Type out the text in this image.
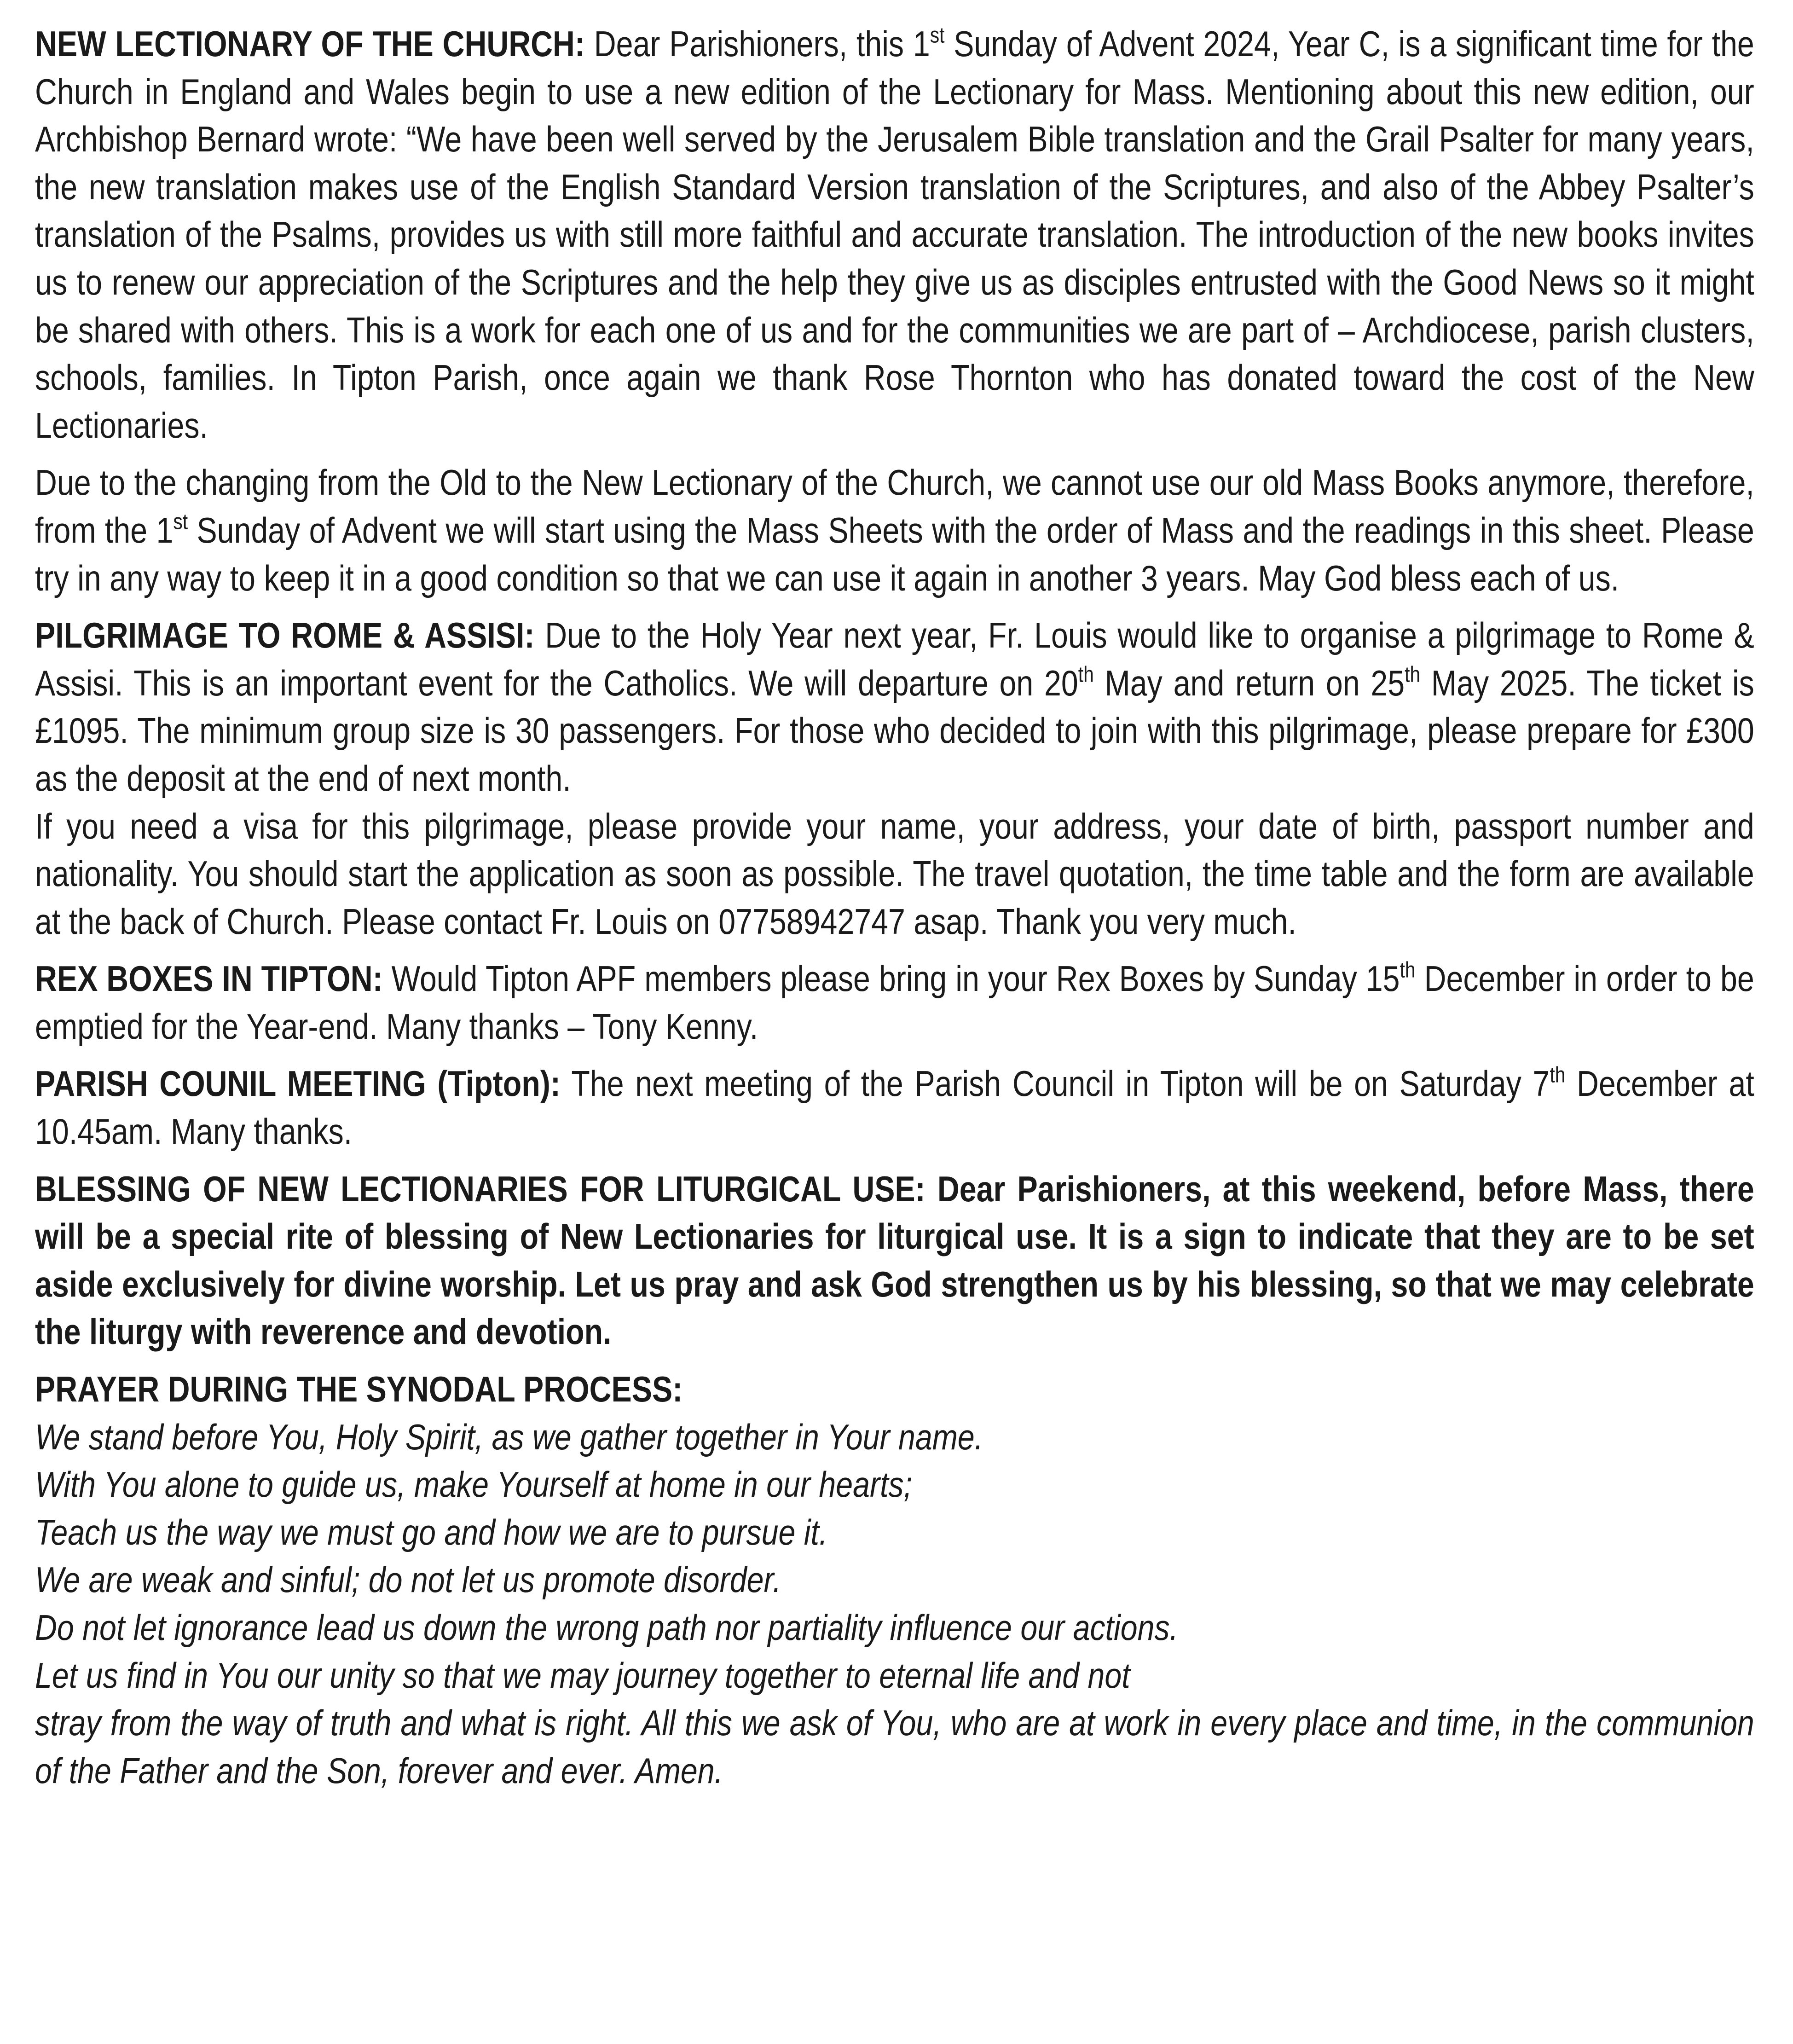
NEW LECTIONARY OF THE CHURCH: Dear Parishioners, this 1st Sunday of Advent 2024, Year C, is a significant time for the Church in England and Wales begin to use a new edition of the Lectionary for Mass. Mentioning about this new edition, our Archbishop Bernard wrote: “We have been well served by the Jerusalem Bible translation and the Grail Psalter for many years, the new translation makes use of the English Standard Version translation of the Scriptures, and also of the Abbey Psalter’s translation of the Psalms, provides us with still more faithful and accurate translation. The introduction of the new books invites us to renew our appreciation of the Scriptures and the help they give us as disciples entrusted with the Good News so it might be shared with others. This is a work for each one of us and for the communities we are part of – Archdiocese, parish clusters, schools, families. In Tipton Parish, once again we thank Rose Thornton who has donated toward the cost of the New Lectionaries.

Due to the changing from the Old to the New Lectionary of the Church, we cannot use our old Mass Books anymore, therefore, from the 1st Sunday of Advent we will start using the Mass Sheets with the order of Mass and the readings in this sheet. Please try in any way to keep it in a good condition so that we can use it again in another 3 years. May God bless each of us.

PILGRIMAGE TO ROME & ASSISI: Due to the Holy Year next year, Fr. Louis would like to organise a pilgrimage to Rome & Assisi. This is an important event for the Catholics. We will departure on 20th May and return on 25th May 2025. The ticket is £1095. The minimum group size is 30 passengers. For those who decided to join with this pilgrimage, please prepare for £300 as the deposit at the end of next month.

If you need a visa for this pilgrimage, please provide your name, your address, your date of birth, passport number and nationality. You should start the application as soon as possible. The travel quotation, the time table and the form are available at the back of Church. Please contact Fr. Louis on 07758942747 asap. Thank you very much.

REX BOXES IN TIPTON: Would Tipton APF members please bring in your Rex Boxes by Sunday 15th December in order to be emptied for the Year-end. Many thanks – Tony Kenny.

PARISH COUNIL MEETING (Tipton): The next meeting of the Parish Council in Tipton will be on Saturday 7th December at 10.45am. Many thanks.

BLESSING OF NEW LECTIONARIES FOR LITURGICAL USE: Dear Parishioners, at this weekend, before Mass, there will be a special rite of blessing of New Lectionaries for liturgical use. It is a sign to indicate that they are to be set aside exclusively for divine worship. Let us pray and ask God strengthen us by his blessing, so that we may celebrate the liturgy with reverence and devotion.

PRAYER DURING THE SYNODAL PROCESS:

We stand before You, Holy Spirit, as we gather together in Your name.

With You alone to guide us, make Yourself at home in our hearts;

Teach us the way we must go and how we are to pursue it.

We are weak and sinful; do not let us promote disorder.

Do not let ignorance lead us down the wrong path nor partiality influence our actions.

Let us find in You our unity so that we may journey together to eternal life and not

stray from the way of truth and what is right. All this we ask of You, who are at work in every place and time, in the communion of the Father and the Son, forever and ever. Amen.
